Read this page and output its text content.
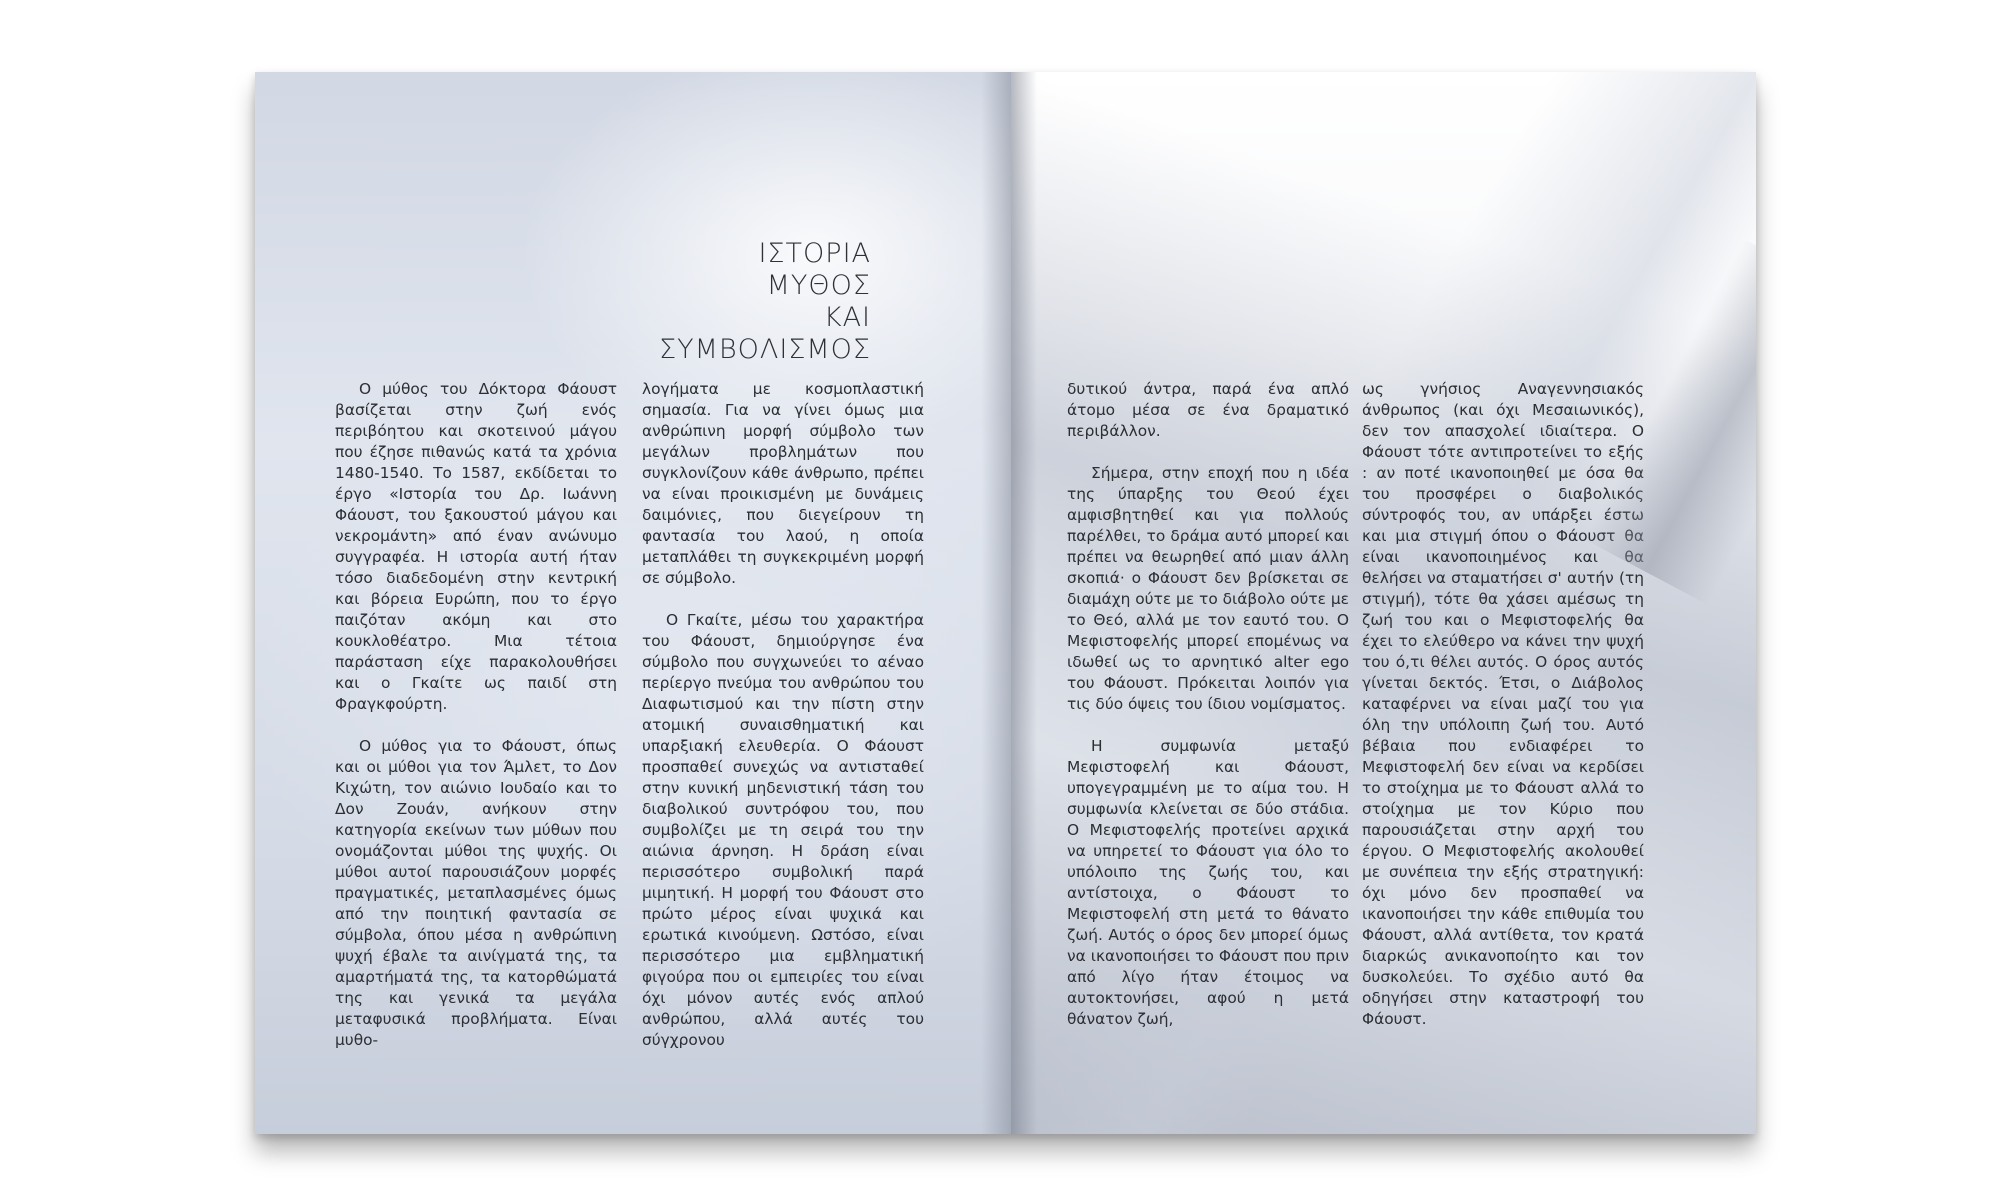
ΙΣΤΟΡΙΑ
ΜΥΘΟΣ
ΚΑΙ
ΣΥΜΒΟΛΙΣΜΟΣ

Ο μύθος του Δόκτορα Φάουστ βασίζεται στην ζωή ενός περιβόητου και σκοτεινού μάγου που έζησε πιθανώς κατά τα χρόνια 1480-1540. Το 1587, εκδίδεται το έργο «Ιστορία του Δρ. Ιωάννη Φάουστ, του ξακουστού μάγου και νεκρομάντη» από έναν ανώνυμο συγγραφέα. Η ιστορία αυτή ήταν τόσο διαδεδομένη στην κεντρική και βόρεια Ευρώπη, που το έργο παιζόταν ακόμη και στο κουκλοθέατρο. Μια τέτοια παράσταση είχε παρακολουθήσει και ο Γκαίτε ως παιδί στη Φραγκφούρτη.

Ο μύθος για το Φάουστ, όπως και οι μύθοι για τον Άμλετ, το Δον Κιχώτη, τον αιώνιο Ιουδαίο και το Δον Ζουάν, ανήκουν στην κατηγορία εκείνων των μύθων που ονομάζονται μύθοι της ψυχής. Οι μύθοι αυτοί παρουσιάζουν μορφές πραγματικές, μεταπλασμένες όμως από την ποιητική φαντασία σε σύμβολα, όπου μέσα η ανθρώπινη ψυχή έβαλε τα αινίγματά της, τα αμαρτήματά της, τα κατορθώματά της και γενικά τα μεγάλα μεταφυσικά προβλήματα. Είναι μυθο-

λογήματα με κοσμοπλαστική σημασία. Για να γίνει όμως μια ανθρώπινη μορφή σύμβολο των μεγάλων προβλημάτων που συγκλονίζουν κάθε άνθρωπο, πρέπει να είναι προικισμένη με δυνάμεις δαιμόνιες, που διεγείρουν τη φαντασία του λαού, η οποία μεταπλάθει τη συγκεκριμένη μορφή σε σύμβολο.

Ο Γκαίτε, μέσω του χαρακτήρα του Φάουστ, δημιούργησε ένα σύμβολο που συγχωνεύει το αέναο περίεργο πνεύμα του ανθρώπου του Διαφωτισμού και την πίστη στην ατομική συναισθηματική και υπαρξιακή ελευθερία. Ο Φάουστ προσπαθεί συνεχώς να αντισταθεί στην κυνική μηδενιστική τάση του διαβολικού συντρόφου του, που συμβολίζει με τη σειρά του την αιώνια άρνηση. Η δράση είναι περισσότερο συμβολική παρά μιμητική. Η μορφή του Φάουστ στο πρώτο μέρος είναι ψυχικά και ερωτικά κινούμενη. Ωστόσο, είναι περισσότερο μια εμβληματική φιγούρα που οι εμπειρίες του είναι όχι μόνον αυτές ενός απλού ανθρώπου, αλλά αυτές του σύγχρονου

δυτικού άντρα, παρά ένα απλό άτομο μέσα σε ένα δραματικό περιβάλλον.

Σήμερα, στην εποχή που η ιδέα της ύπαρξης του Θεού έχει αμφισβητηθεί και για πολλούς παρέλθει, το δράμα αυτό μπορεί και πρέπει να θεωρηθεί από μιαν άλλη σκοπιά· ο Φάουστ δεν βρίσκεται σε διαμάχη ούτε με το διάβολο ούτε με το Θεό, αλλά με τον εαυτό του. Ο Μεφιστοφελής μπορεί επομένως να ιδωθεί ως το αρνητικό alter ego του Φάουστ. Πρόκειται λοιπόν για τις δύο όψεις του ίδιου νομίσματος.

Η συμφωνία μεταξύ Μεφιστοφελή και Φάουστ, υπογεγραμμένη με το αίμα του. Η συμφωνία κλείνεται σε δύο στάδια. Ο Μεφιστοφελής προτείνει αρχικά να υπηρετεί το Φάουστ για όλο το υπόλοιπο της ζωής του, και αντίστοιχα, ο Φάουστ το Μεφιστοφελή στη μετά το θάνατο ζωή. Αυτός ο όρος δεν μπορεί όμως να ικανοποιήσει το Φάουστ που πριν από λίγο ήταν έτοιμος να αυτοκτονήσει, αφού η μετά θάνατον ζωή,

ως γνήσιος Αναγεννησιακός άνθρωπος (και όχι Μεσαιωνικός), δεν τον απασχολεί ιδιαίτερα. Ο Φάουστ τότε αντιπροτείνει το εξής : αν ποτέ ικανοποιηθεί με όσα θα του προσφέρει ο διαβολικός σύντροφός του, αν υπάρξει έστω και μια στιγμή όπου ο Φάουστ θα είναι ικανοποιημένος και θα θελήσει να σταματήσει σ' αυτήν (τη στιγμή), τότε θα χάσει αμέσως τη ζωή του και ο Μεφιστοφελής θα έχει το ελεύθερο να κάνει την ψυχή του ό,τι θέλει αυτός. Ο όρος αυτός γίνεται δεκτός. Έτσι, ο Διάβολος καταφέρνει να είναι μαζί του για όλη την υπόλοιπη ζωή του. Αυτό βέβαια που ενδιαφέρει το Μεφιστοφελή δεν είναι να κερδίσει το στοίχημα με το Φάουστ αλλά το στοίχημα με τον Κύριο που παρουσιάζεται στην αρχή του έργου. Ο Μεφιστοφελής ακολουθεί με συνέπεια την εξής στρατηγική: όχι μόνο δεν προσπαθεί να ικανοποιήσει την κάθε επιθυμία του Φάουστ, αλλά αντίθετα, τον κρατά διαρκώς ανικανοποίητο και τον δυσκολεύει. Το σχέδιο αυτό θα οδηγήσει στην καταστροφή του Φάουστ.
